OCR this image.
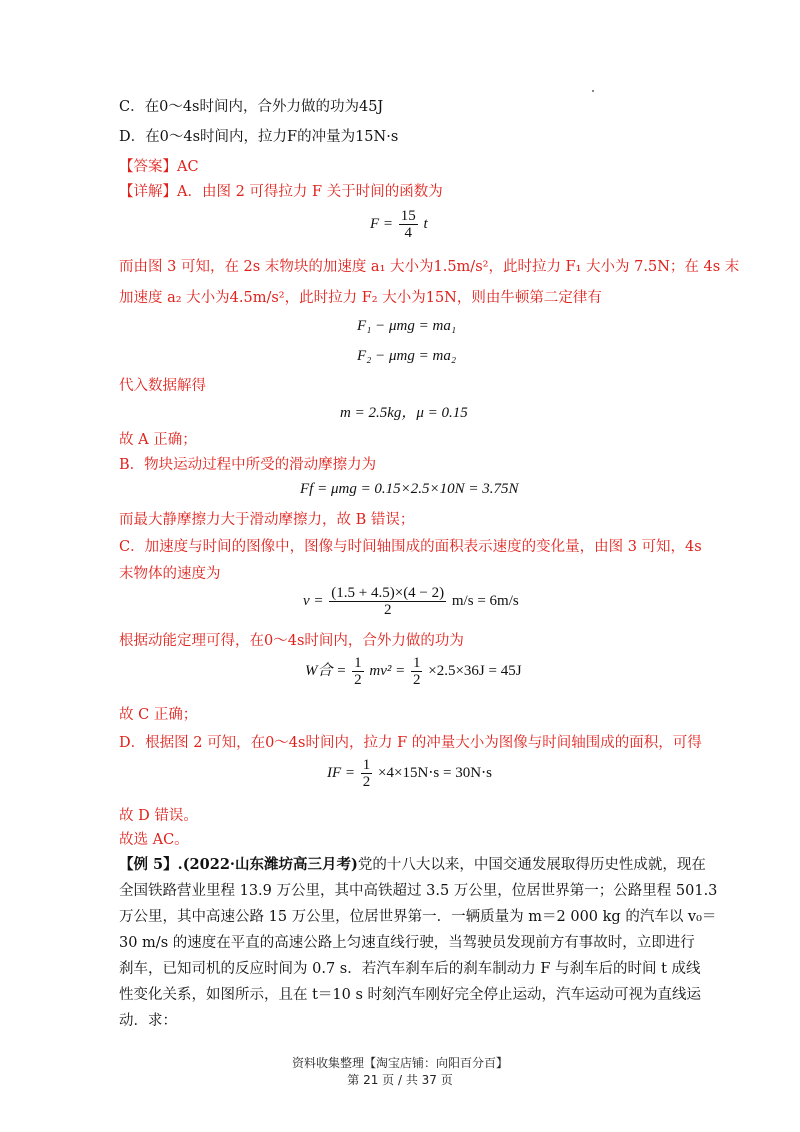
C．在0～4s时间内，合外力做的功为45J
D．在0～4s时间内，拉力F的冲量为15N·s
【答案】AC
【详解】A．由图 2 可得拉力 F 关于时间的函数为
$F = \frac{15}{4}$ t
而由图 3 可知，在 2s 末物块的加速度 a₁ 大小为1.5m/s²，此时拉力 F₁ 大小为 7.5N；在 4s 末
加速度 a₂ 大小为4.5m/s²，此时拉力 F₂ 大小为15N，则由牛顿第二定律有
F₁ − μmg = ma₁
F₂ − μmg = ma₂
代入数据解得
m = 2.5kg，μ = 0.15
故 A 正确；
B．物块运动过程中所受的滑动摩擦力为
Ff = μmg = 0.15×2.5×10N = 3.75N
而最大静摩擦力大于滑动摩擦力，故 B 错误；
C．加速度与时间的图像中，图像与时间轴围成的面积表示速度的变化量，由图 3 可知，4s
末物体的速度为
$v = \frac{(1.5 + 4.5)\times(4 - 2)}{2} m/s = 6m/s$
根据动能定理可得，在0～4s时间内，合外力做的功为
W合 = $\frac{1}{2} mv^2 = \frac{1}{2} \times 2.5\times 36J = 45J$
故 C 正确；
D．根据图 2 可知，在0～4s时间内，拉力 F 的冲量大小为图像与时间轴围成的面积，可得
IF = $\frac{1}{2} \times 4\times 15N\cdot s = 30N\cdot s$
故 D 错误。
故选 AC。
【例 5】.(2022·山东潍坊高三月考)党的十八大以来，中国交通发展取得历史性成就，现在
全国铁路营业里程 13.9 万公里，其中高铁超过 3.5 万公里，位居世界第一；公路里程 501.3
万公里，其中高速公路 15 万公里，位居世界第一．一辆质量为 m＝2 000 kg 的汽车以 v₀＝
30 m/s 的速度在平直的高速公路上匀速直线行驶，当驾驶员发现前方有事故时，立即进行
刹车，已知司机的反应时间为 0.7 s．若汽车刹车后的刹车制动力 F 与刹车后的时间 t 成线
性变化关系，如图所示，且在 t＝10 s 时刻汽车刚好完全停止运动，汽车运动可视为直线运
动．求：
资料收集整理【淘宝店铺：向阳百分百】
第 21 页 / 共 37 页
